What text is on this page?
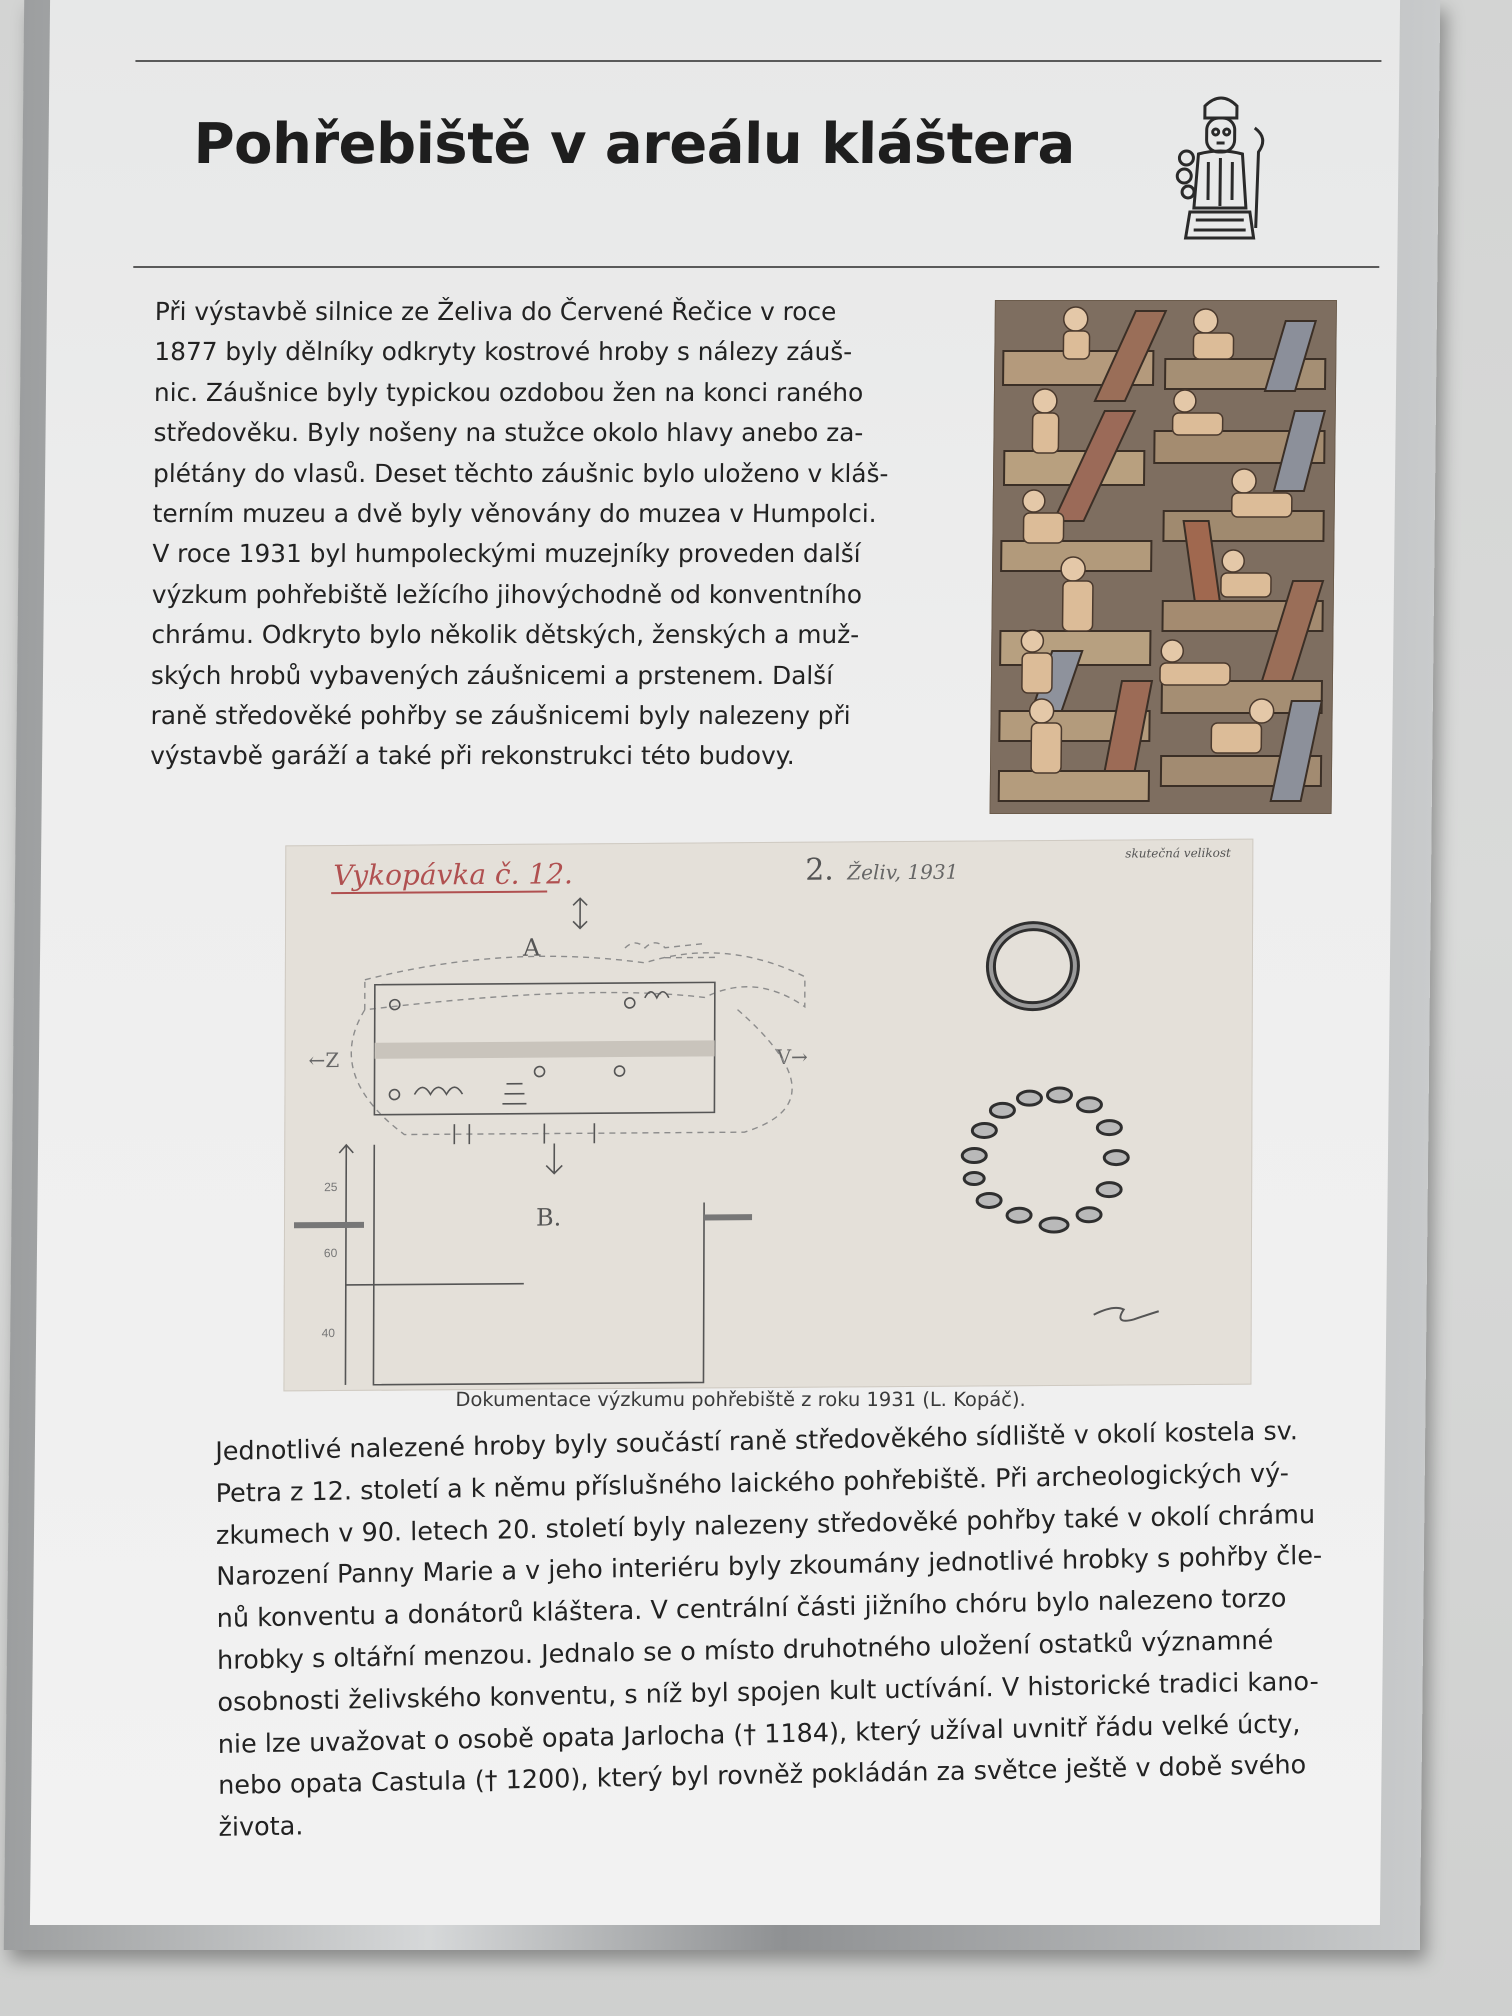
Pohřebiště v areálu kláštera

Při výstavbě silnice ze Želiva do Červené Řečice v roce
1877 byly dělníky odkryty kostrové hroby s nálezy záuš-
nic. Záušnice byly typickou ozdobou žen na konci raného
středověku. Byly nošeny na stužce okolo hlavy anebo za-
plétány do vlasů. Deset těchto záušnic bylo uloženo v kláš-
terním muzeu a dvě byly věnovány do muzea v Humpolci.
V roce 1931 byl humpoleckými muzejníky proveden další
výzkum pohřebiště ležícího jihovýchodně od konventního
chrámu. Odkryto bylo několik dětských, ženských a muž-
ských hrobů vybavených záušnicemi a prstenem. Další
raně středověké pohřby se záušnicemi byly nalezeny při
výstavbě garáží a také při rekonstrukci této budovy.

Vykopávka č. 12.	2. Želiv, 1931
skutečná velikost
A
B.
←Z	V→
25
60
40

Dokumentace výzkumu pohřebiště z roku 1931 (L. Kopáč).

Jednotlivé nalezené hroby byly součástí raně středověkého sídliště v okolí kostela sv.
Petra z 12. století a k němu příslušného laického pohřebiště. Při archeologických vý-
zkumech v 90. letech 20. století byly nalezeny středověké pohřby také v okolí chrámu
Narození Panny Marie a v jeho interiéru byly zkoumány jednotlivé hrobky s pohřby čle-
nů konventu a donátorů kláštera. V centrální části jižního chóru bylo nalezeno torzo
hrobky s oltářní menzou. Jednalo se o místo druhotného uložení ostatků významné
osobnosti želivského konventu, s níž byl spojen kult uctívání. V historické tradici kano-
nie lze uvažovat o osobě opata Jarlocha († 1184), který užíval uvnitř řádu velké úcty,
nebo opata Castula († 1200), který byl rovněž pokládán za světce ještě v době svého
života.
